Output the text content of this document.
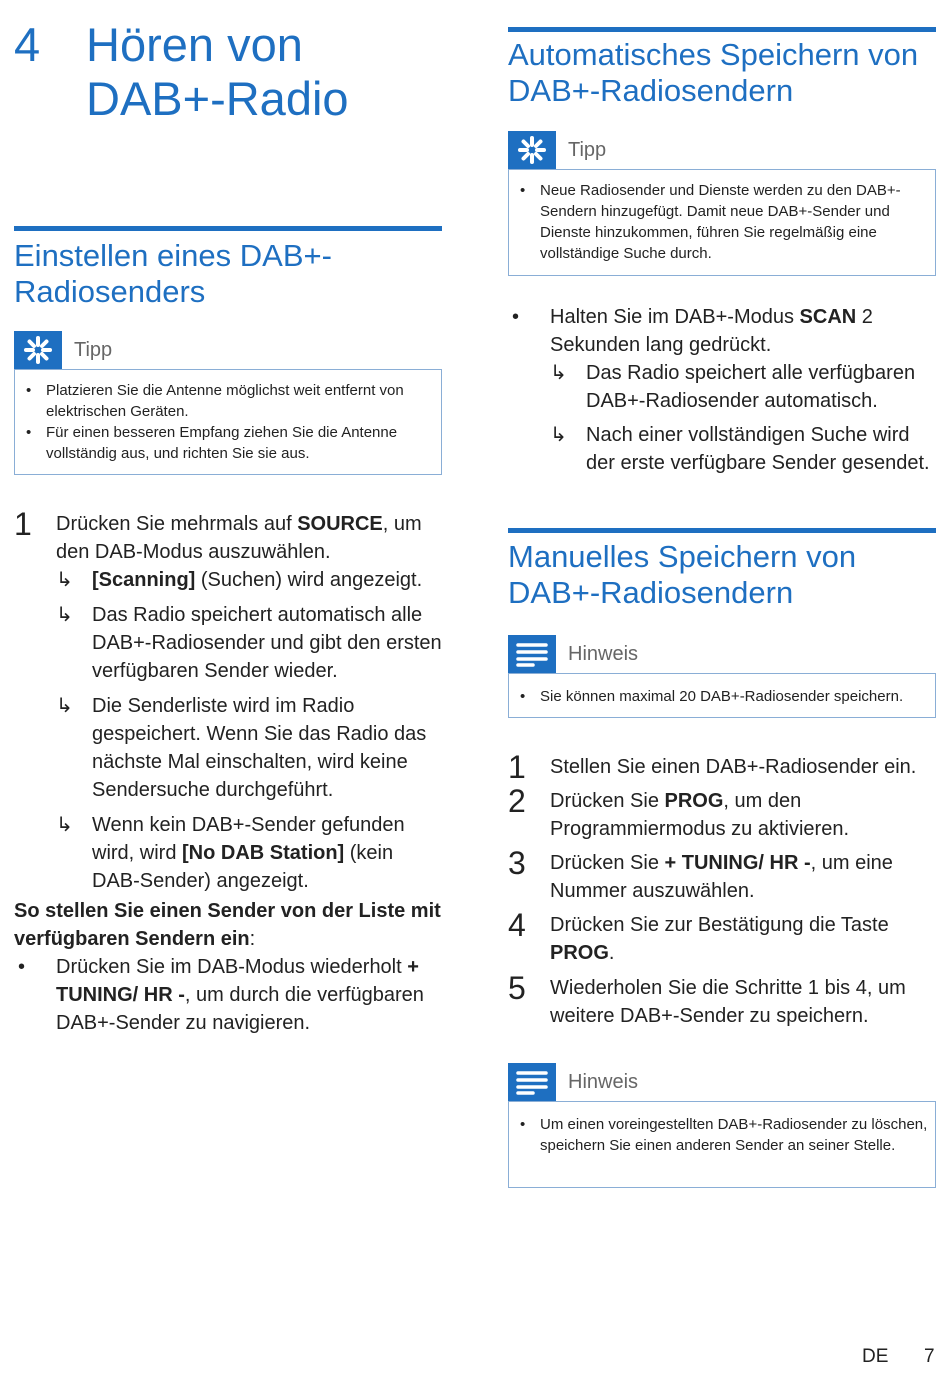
4 Hören von DAB+-Radio
Einstellen eines DAB+-Radiosenders
Tipp
• Platzieren Sie die Antenne möglichst weit entfernt von elektrischen Geräten.
• Für einen besseren Empfang ziehen Sie die Antenne vollständig aus, und richten Sie sie aus.
1 Drücken Sie mehrmals auf SOURCE, um den DAB-Modus auszuwählen.
↳ [Scanning] (Suchen) wird angezeigt.
↳ Das Radio speichert automatisch alle DAB+-Radiosender und gibt den ersten verfügbaren Sender wieder.
↳ Die Senderliste wird im Radio gespeichert. Wenn Sie das Radio das nächste Mal einschalten, wird keine Sendersuche durchgeführt.
↳ Wenn kein DAB+-Sender gefunden wird, wird [No DAB Station] (kein DAB-Sender) angezeigt.
So stellen Sie einen Sender von der Liste mit verfügbaren Sendern ein:
• Drücken Sie im DAB-Modus wiederholt + TUNING/ HR -, um durch die verfügbaren DAB+-Sender zu navigieren.
Automatisches Speichern von DAB+-Radiosendern
Tipp
• Neue Radiosender und Dienste werden zu den DAB+-Sendern hinzugefügt. Damit neue DAB+-Sender und Dienste hinzukommen, führen Sie regelmäßig eine vollständige Suche durch.
• Halten Sie im DAB+-Modus SCAN 2 Sekunden lang gedrückt.
↳ Das Radio speichert alle verfügbaren DAB+-Radiosender automatisch.
↳ Nach einer vollständigen Suche wird der erste verfügbare Sender gesendet.
Manuelles Speichern von DAB+-Radiosendern
Hinweis
• Sie können maximal 20 DAB+-Radiosender speichern.
1 Stellen Sie einen DAB+-Radiosender ein.
2 Drücken Sie PROG, um den Programmiermodus zu aktivieren.
3 Drücken Sie + TUNING/ HR -, um eine Nummer auszuwählen.
4 Drücken Sie zur Bestätigung die Taste PROG.
5 Wiederholen Sie die Schritte 1 bis 4, um weitere DAB+-Sender zu speichern.
Hinweis
• Um einen voreingestellten DAB+-Radiosender zu löschen, speichern Sie einen anderen Sender an seiner Stelle.
DE 7
